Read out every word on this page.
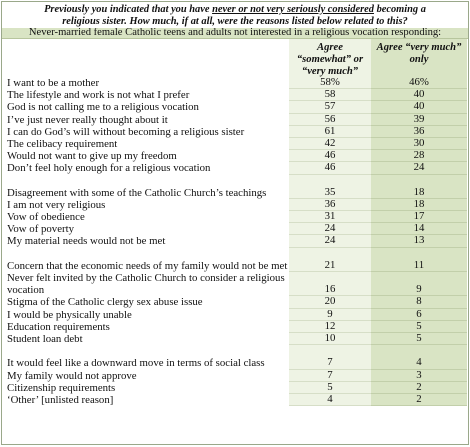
Previously you indicated that you have never or not very seriously considered becoming a religious sister. How much, if at all, were the reasons listed below related to this?
Never-married female Catholic teens and adults not interested in a religious vocation responding:
Agree “somewhat” or “very much”
Agree “very much” only
I want to be a mother	58%	46%
The lifestyle and work is not what I prefer	58	40
God is not calling me to a religious vocation	57	40
I’ve just never really thought about it	56	39
I can do God’s will without becoming a religious sister	61	36
The celibacy requirement	42	30
Would not want to give up my freedom	46	28
Don’t feel holy enough for a religious vocation	46	24
Disagreement with some of the Catholic Church’s teachings	35	18
I am not very religious	36	18
Vow of obedience	31	17
Vow of poverty	24	14
My material needs would not be met	24	13
Concern that the economic needs of my family would not be met	21	11
Never felt invited by the Catholic Church to consider a religious vocation	16	9
Stigma of the Catholic clergy sex abuse issue	20	8
I would be physically unable	9	6
Education requirements	12	5
Student loan debt	10	5
It would feel like a downward move in terms of social class	7	4
My family would not approve	7	3
Citizenship requirements	5	2
‘Other’ [unlisted reason]	4	2
